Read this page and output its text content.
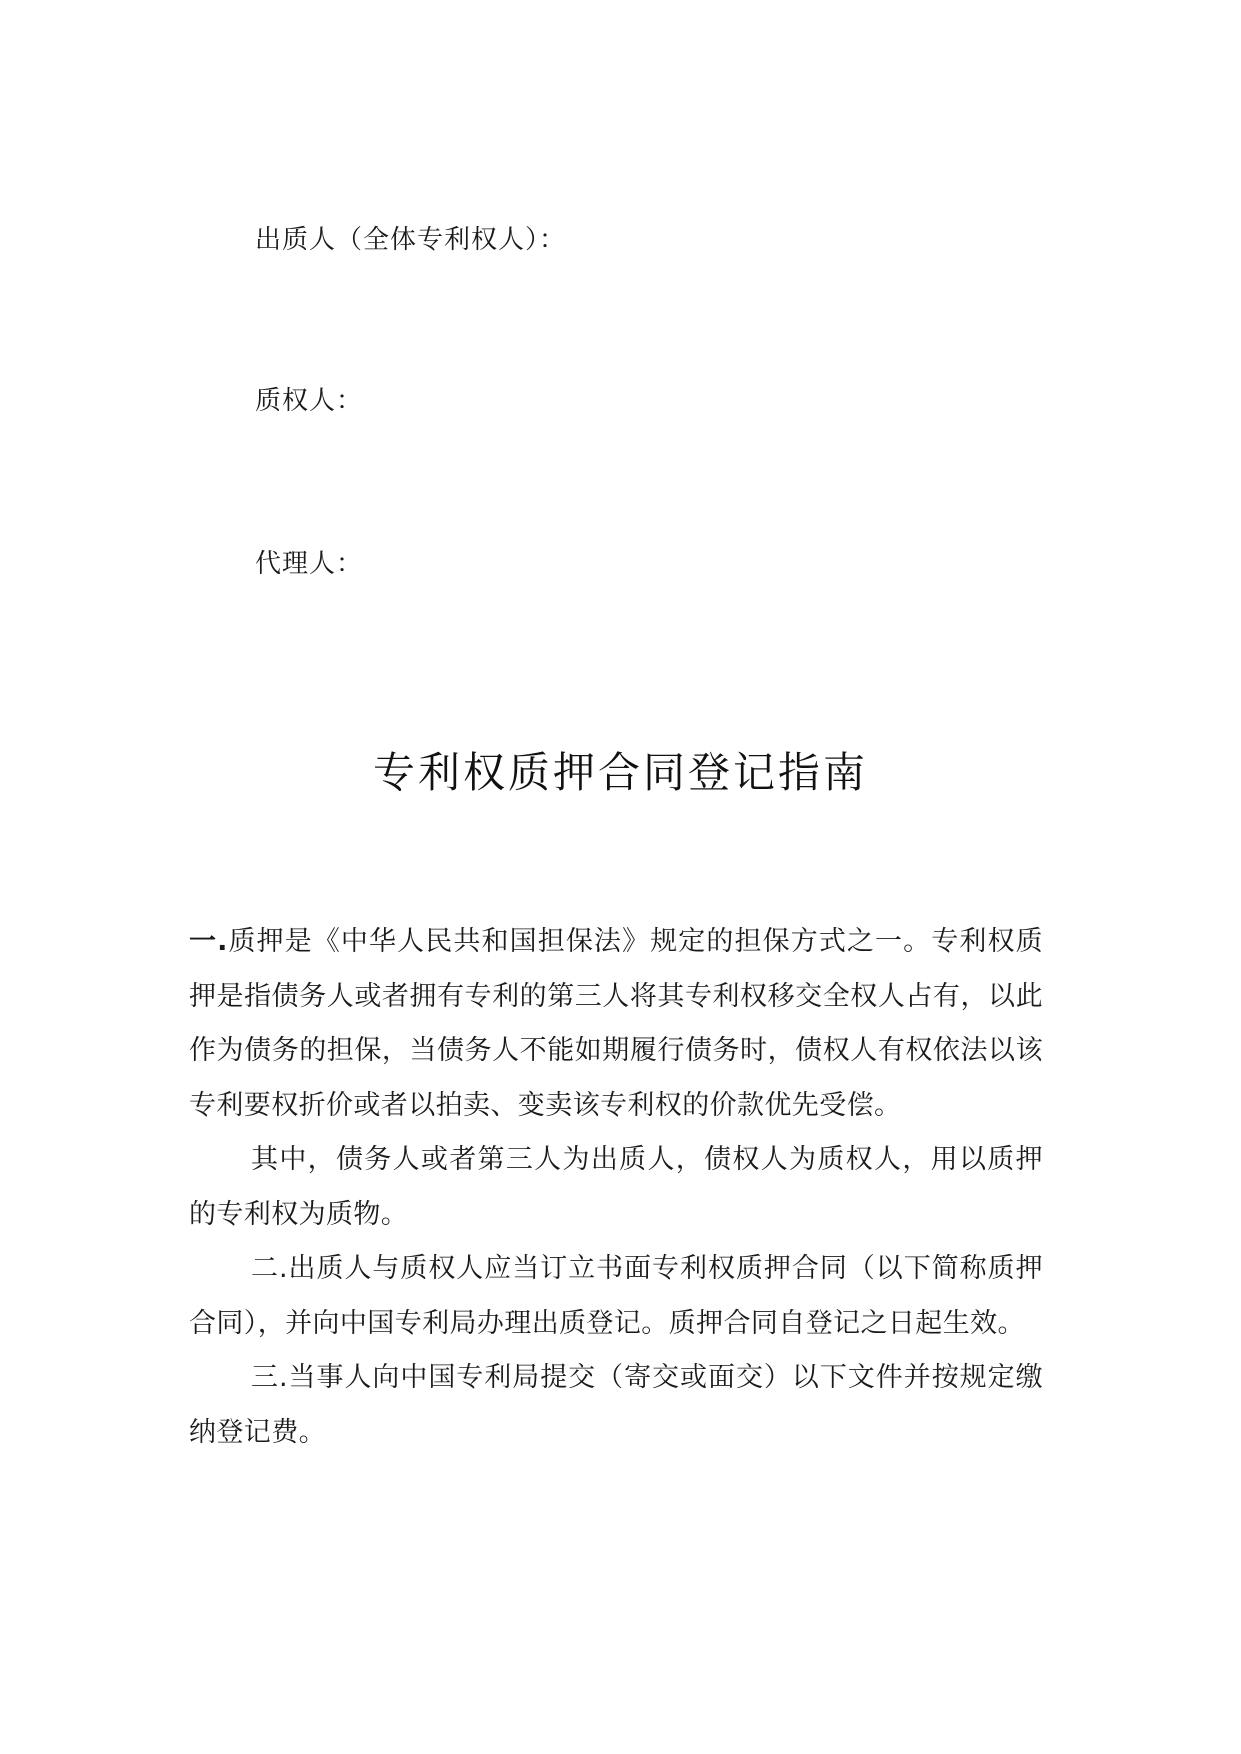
出质人（全体专利权人）：
质权人：
代理人：
专利权质押合同登记指南

一.质押是《中华人民共和国担保法》规定的担保方式之一。专利权质押是指债务人或者拥有专利的第三人将其专利权移交全权人占有，以此作为债务的担保，当债务人不能如期履行债务时，债权人有权依法以该专利要权折价或者以拍卖、变卖该专利权的价款优先受偿。

其中，债务人或者第三人为出质人，债权人为质权人，用以质押的专利权为质物。

二.出质人与质权人应当订立书面专利权质押合同（以下简称质押合同），并向中国专利局办理出质登记。质押合同自登记之日起生效。

三.当事人向中国专利局提交（寄交或面交）以下文件并按规定缴纳登记费。
